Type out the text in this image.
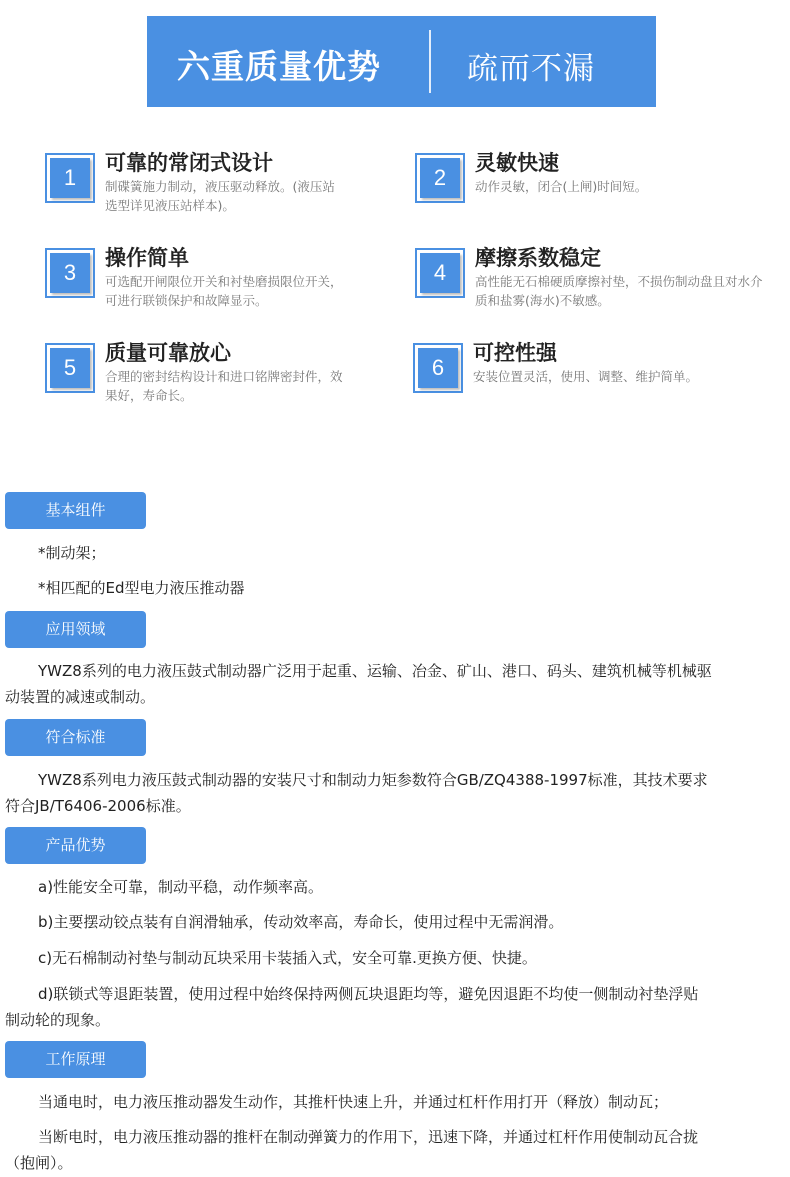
六重质量优势	疏而不漏
1
可靠的常闭式设计
制碟簧施力制动，液压驱动释放。(液压站选型详见液压站样本)。
2
灵敏快速
动作灵敏，闭合(上闸)时间短。
3
操作简单
可选配开闸限位开关和衬垫磨损限位开关，可进行联锁保护和故障显示。
4
摩擦系数稳定
高性能无石棉硬质摩擦衬垫，不损伤制动盘且对水介质和盐雾(海水)不敏感。
5
质量可靠放心
合理的密封结构设计和进口铭牌密封件，效果好，寿命长。
6
可控性强
安装位置灵活，使用、调整、维护简单。
基本组件
*制动架；
*相匹配的Ed型电力液压推动器
应用领域
YWZ8系列的电力液压鼓式制动器广泛用于起重、运输、冶金、矿山、港口、码头、建筑机械等机械驱
动装置的减速或制动。
符合标准
YWZ8系列电力液压鼓式制动器的安装尺寸和制动力矩参数符合GB/ZQ4388-1997标准，其技术要求
符合JB/T6406-2006标准。
产品优势
a)性能安全可靠，制动平稳，动作频率高。
b)主要摆动铰点装有自润滑轴承，传动效率高，寿命长，使用过程中无需润滑。
c)无石棉制动衬垫与制动瓦块采用卡装插入式，安全可靠.更换方便、快捷。
d)联锁式等退距装置，使用过程中始终保持两侧瓦块退距均等，避免因退距不均使一侧制动衬垫浮贴
制动轮的现象。
工作原理
当通电时，电力液压推动器发生动作，其推杆快速上升，并通过杠杆作用打开（释放）制动瓦；
当断电时，电力液压推动器的推杆在制动弹簧力的作用下，迅速下降，并通过杠杆作用使制动瓦合拢
（抱闸）。
